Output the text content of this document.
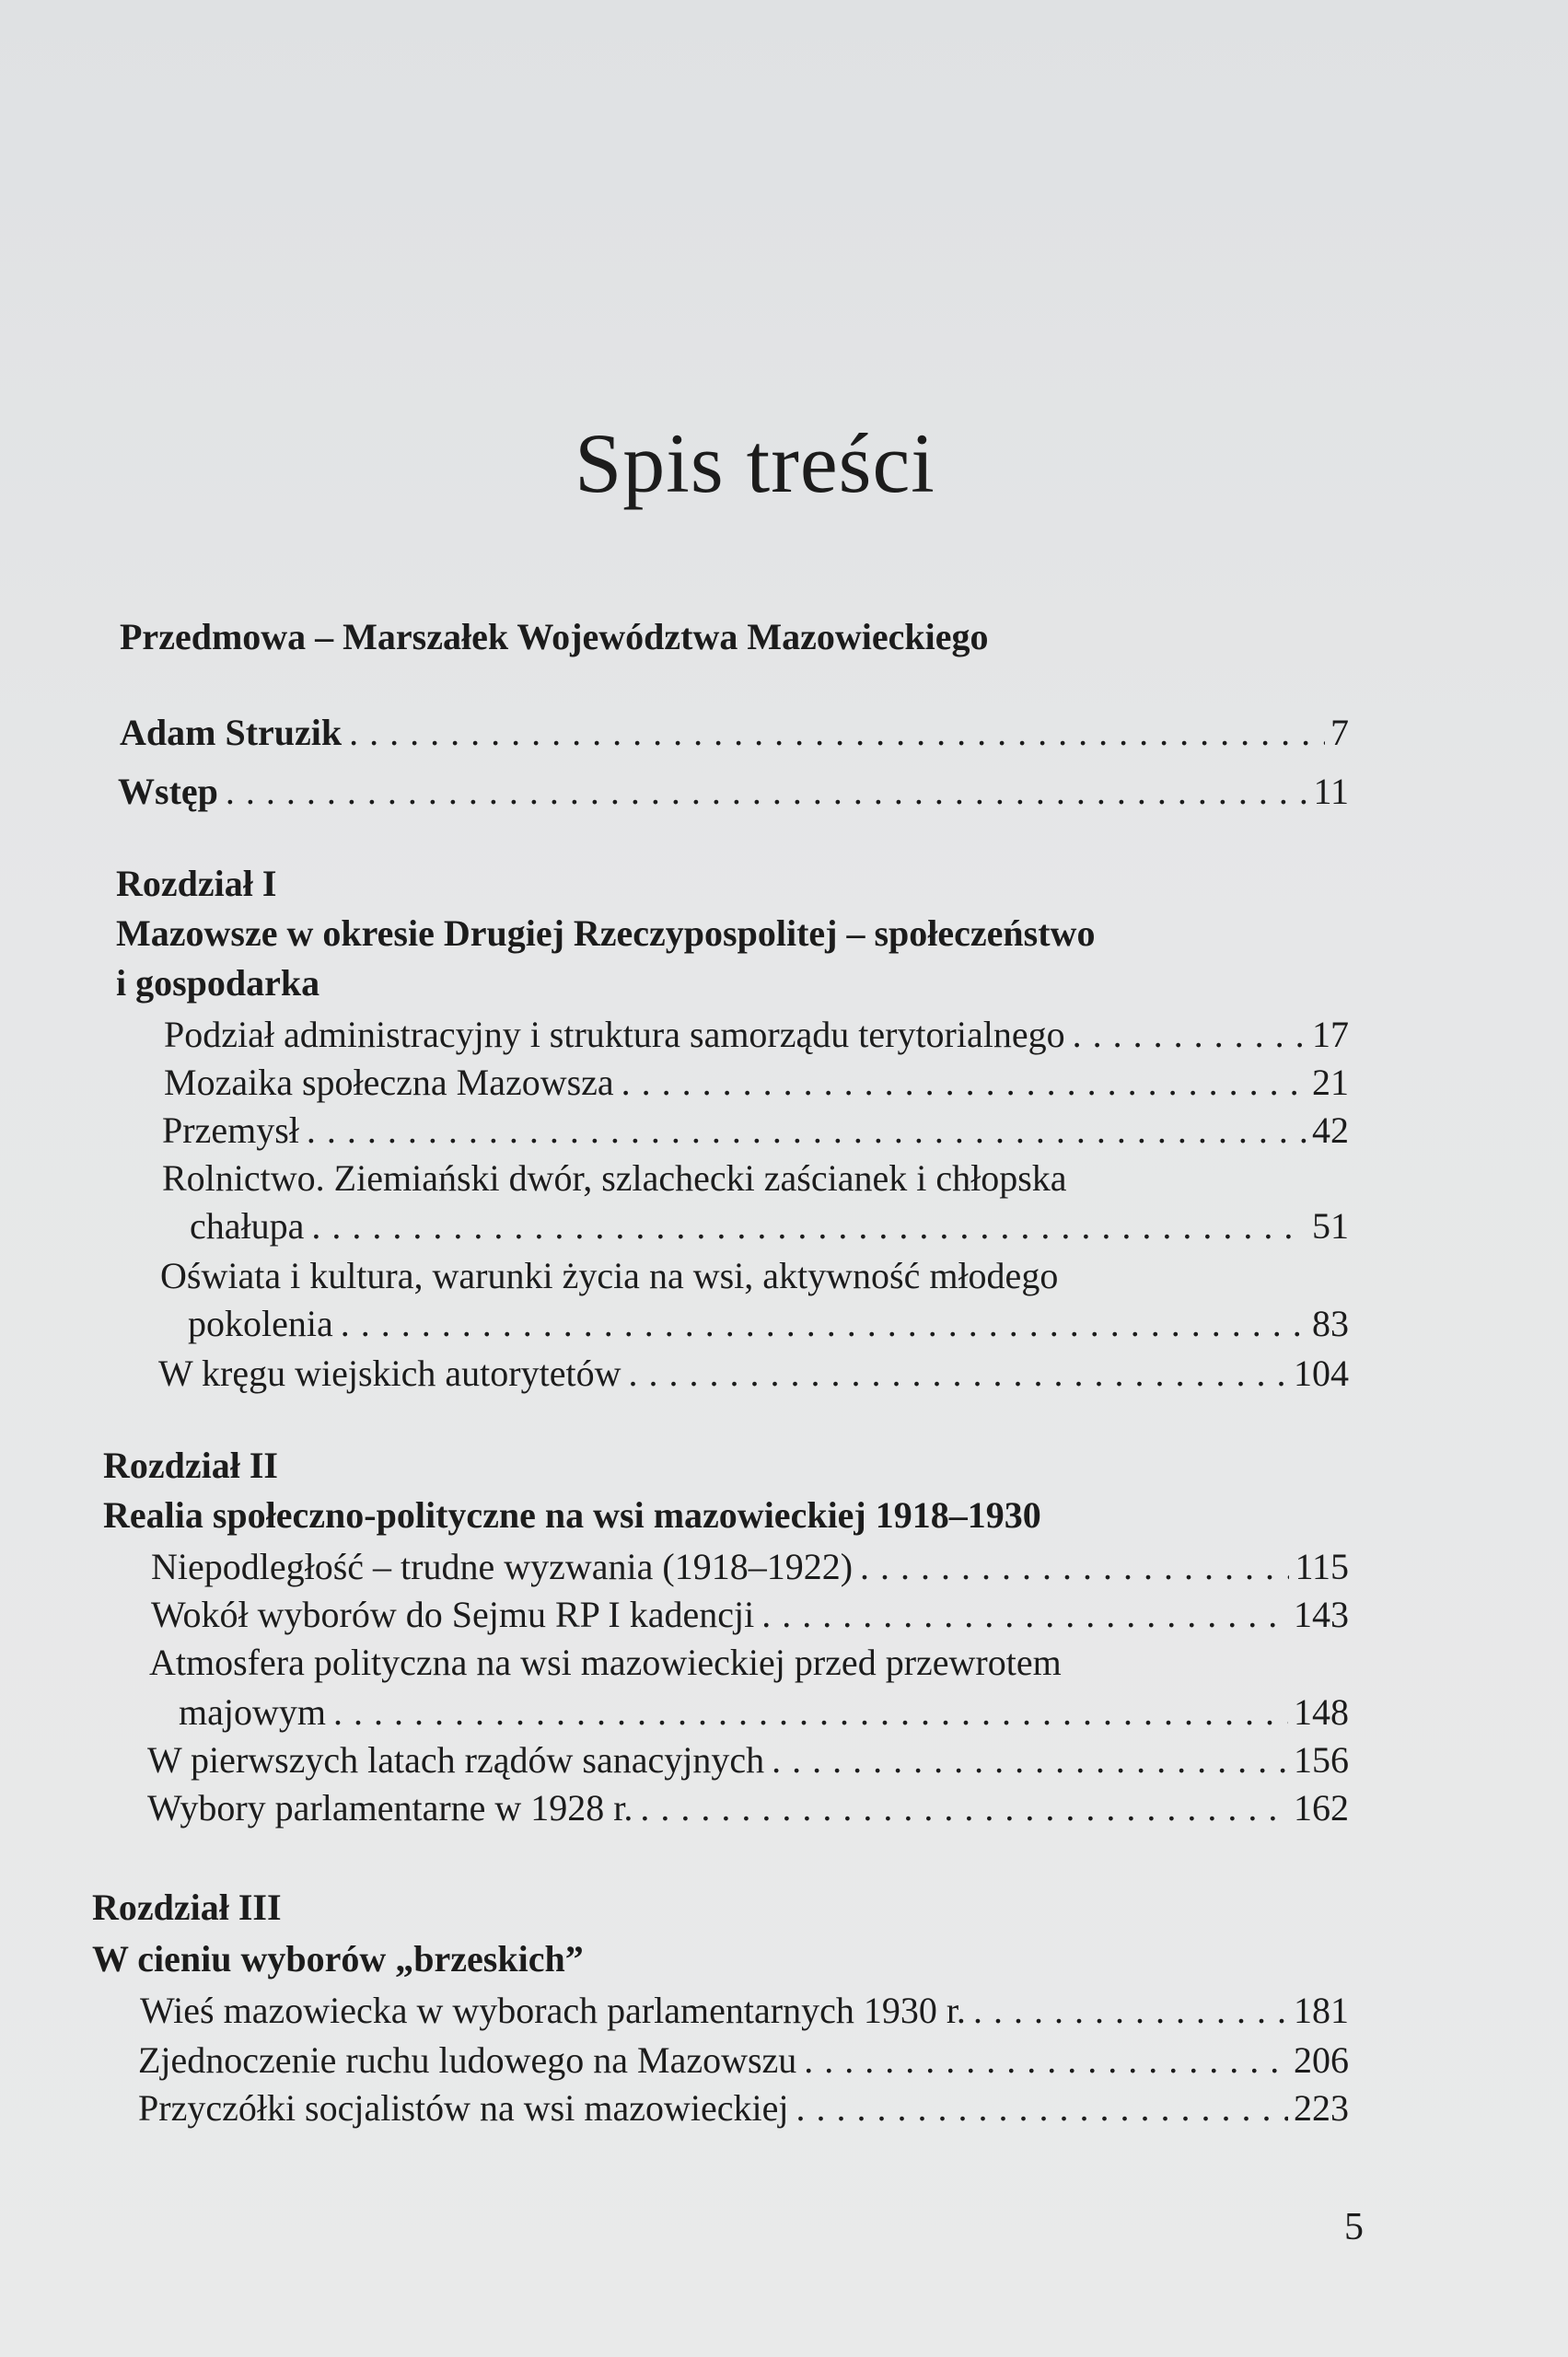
Spis treści
Przedmowa – Marszałek Województwa Mazowieckiego
Adam Struzik . . .	7
Wstęp . . .	11
Rozdział I
Mazowsze w okresie Drugiej Rzeczypospolitej – społeczeństwo
i gospodarka
Podział administracyjny i struktura samorządu terytorialnego . . .	17
Mozaika społeczna Mazowsza . . .	21
Przemysł . . .	42
Rolnictwo. Ziemiański dwór, szlachecki zaścianek i chłopska
chałupa . . .	51
Oświata i kultura, warunki życia na wsi, aktywność młodego
pokolenia . . .	83
W kręgu wiejskich autorytetów . . .	104
Rozdział II
Realia społeczno-polityczne na wsi mazowieckiej 1918–1930
Niepodległość – trudne wyzwania (1918–1922) . . .	115
Wokół wyborów do Sejmu RP I kadencji . . .	143
Atmosfera polityczna na wsi mazowieckiej przed przewrotem
majowym . . .	148
W pierwszych latach rządów sanacyjnych . . .	156
Wybory parlamentarne w 1928 r. . . .	162
Rozdział III
W cieniu wyborów „brzeskich”
Wieś mazowiecka w wyborach parlamentarnych 1930 r. . . .	181
Zjednoczenie ruchu ludowego na Mazowszu . . .	206
Przyczółki socjalistów na wsi mazowieckiej . . .	223
5
